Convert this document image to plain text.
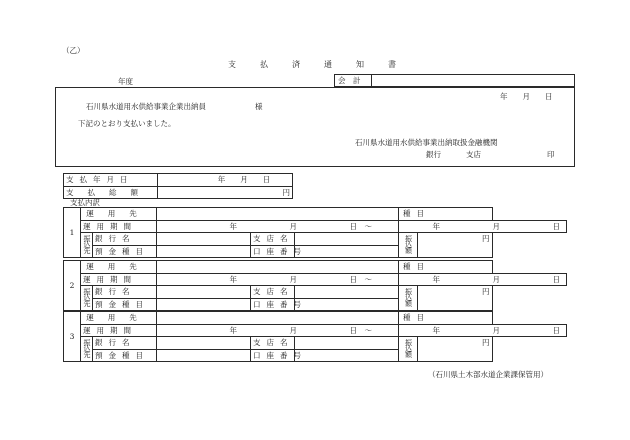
（乙）
支払済通知書
年度	会　計
年　　月　　日
石川県水道用水供給事業企業出納員	様
下記のとおり支払いました。
石川県水道用水供給事業出納取扱金融機関
銀行	支店	印
支払年月日	年　　月　　日
支払総額	円
支払内訳
1	運用先					種目	
	運用期間		年　　　　　　　月　　　　　　　日　～			年　　　　　　　月　　　　　　　日	
	振込先	銀行名		支店名		振込額	円
		預金種目		口座番号			
2	運用先					種目	
	運用期間		年　　　　　　　月　　　　　　　日　～			年　　　　　　　月　　　　　　　日	
	振込先	銀行名		支店名		振込額	円
		預金種目		口座番号			
3	運用先					種目	
	運用期間		年　　　　　　　月　　　　　　　日　～			年　　　　　　　月　　　　　　　日	
	振込先	銀行名		支店名		振込額	円
		預金種目		口座番号			
（石川県土木部水道企業課保管用）
